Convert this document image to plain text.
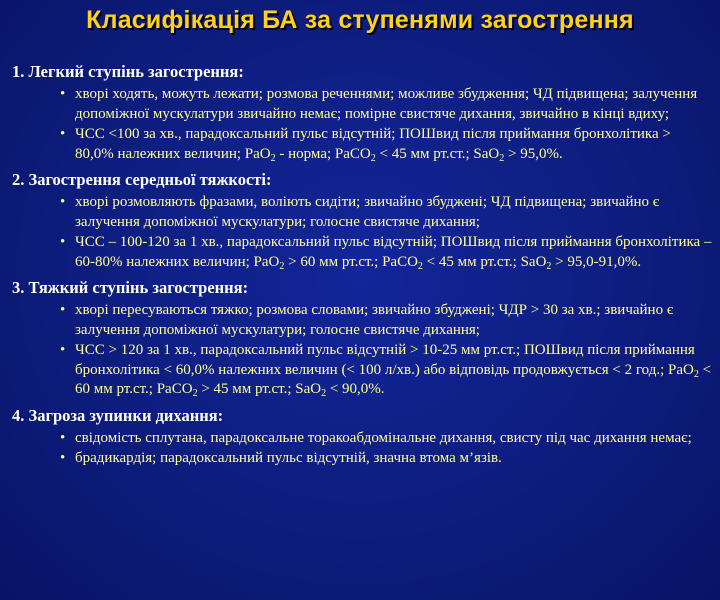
Класифікація БА за ступенями загострення
1. Легкий ступінь загострення:
• хворі ходять, можуть лежати; розмова реченнями; можливе збудження; ЧД підвищена; залучення допоміжної мускулатури звичайно немає; помірне свистяче дихання, звичайно в кінці вдиху;
• ЧСС <100 за хв., парадоксальний пульс відсутній; ПОШвид після приймання бронхолітика > 80,0% належних величин; РаО$_2$ - норма; РаСО$_2$ < 45 мм рт.ст.; SaO$_2$ > 95,0%.
2. Загострення середньої тяжкості:
• хворі розмовляють фразами, воліють сидіти; звичайно збуджені; ЧД підвищена; звичайно є залучення допоміжної мускулатури; голосне свистяче дихання;
• ЧСС – 100-120 за 1 хв., парадоксальний пульс відсутній; ПОШвид після приймання бронхолітика – 60-80% належних величин; РаО$_2$ > 60 мм рт.ст.; РаСО$_2$ < 45 мм рт.ст.; SaO$_2$ > 95,0-91,0%.
3. Тяжкий ступінь загострення:
• хворі пересуваються тяжко; розмова словами; звичайно збуджені; ЧДР > 30 за хв.; звичайно є залучення допоміжної мускулатури; голосне свистяче дихання;
• ЧСС > 120 за 1 хв., парадоксальний пульс відсутній > 10-25 мм рт.ст.; ПОШвид після приймання бронхолітика < 60,0% належних величин (< 100 л/хв.) або відповідь продовжується < 2 год.; РаО$_2$ < 60 мм рт.ст.; РаСО$_2$ > 45 мм рт.ст.; SaO$_2$ < 90,0%.
4. Загроза зупинки дихання:
• свідомість сплутана, парадоксальне торакоабдомінальне дихання, свисту під час дихання немає;
• брадикардія; парадоксальний пульс відсутній, значна втома м’язів.
